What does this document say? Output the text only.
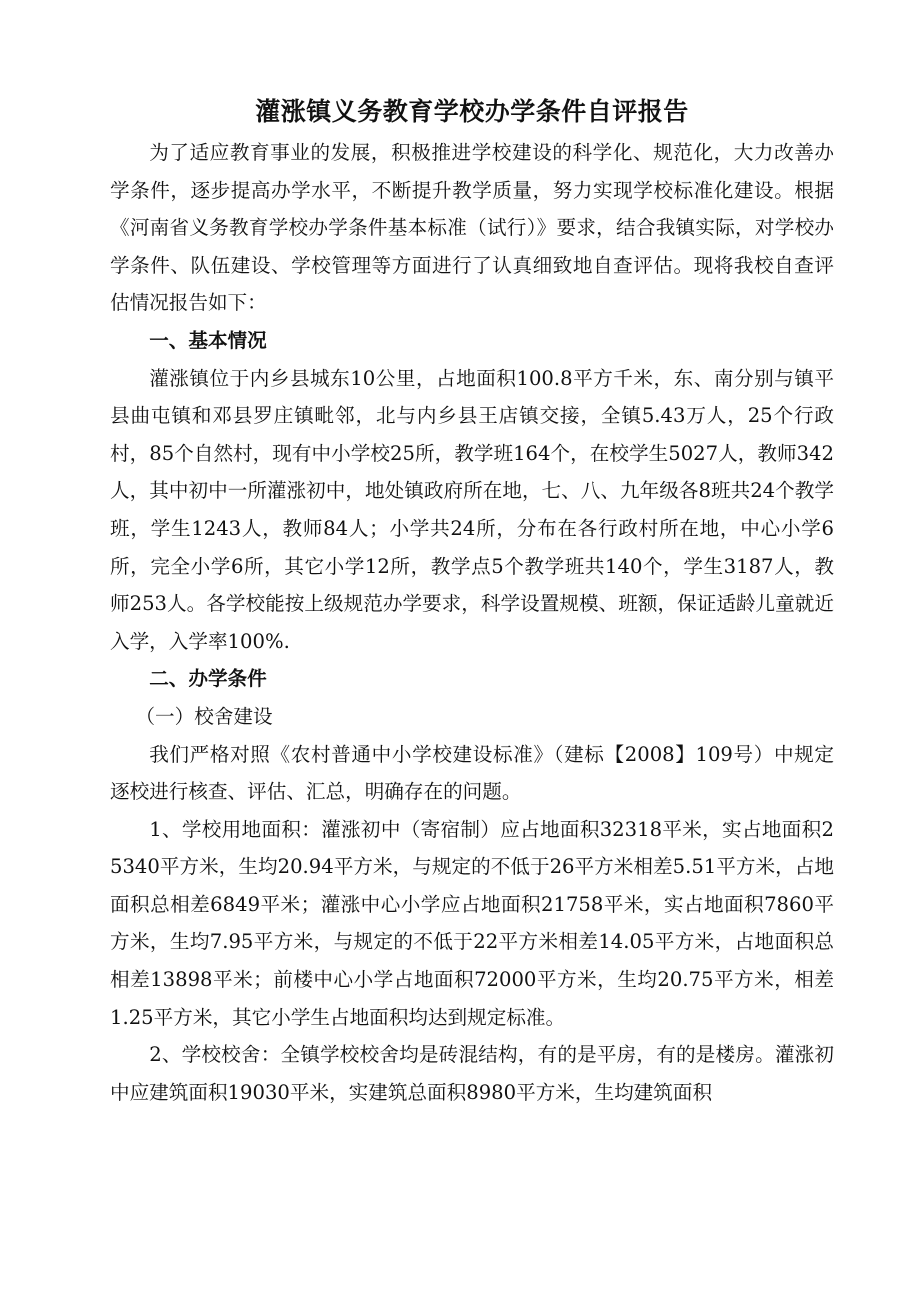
灌涨镇义务教育学校办学条件自评报告

为了适应教育事业的发展，积极推进学校建设的科学化、规范化，大力改善办学条件，逐步提高办学水平，不断提升教学质量，努力实现学校标准化建设。根据《河南省义务教育学校办学条件基本标准（试行）》要求，结合我镇实际，对学校办学条件、队伍建设、学校管理等方面进行了认真细致地自查评估。现将我校自查评估情况报告如下：

一、基本情况

灌涨镇位于内乡县城东10公里，占地面积100.8平方千米，东、南分别与镇平县曲屯镇和邓县罗庄镇毗邻，北与内乡县王店镇交接，全镇5.43万人，25个行政村，85个自然村，现有中小学校25所，教学班164个，在校学生5027人，教师342人，其中初中一所灌涨初中，地处镇政府所在地，七、八、九年级各8班共24个教学班，学生1243人，教师84人；小学共24所，分布在各行政村所在地，中心小学6所，完全小学6所，其它小学12所，教学点5个教学班共140个，学生3187人，教师253人。各学校能按上级规范办学要求，科学设置规模、班额，保证适龄儿童就近入学，入学率100%.

二、办学条件

（一）校舍建设

我们严格对照《农村普通中小学校建设标准》（建标【2008】109号）中规定逐校进行核查、评估、汇总，明确存在的问题。

1、学校用地面积：灌涨初中（寄宿制）应占地面积32318平米，实占地面积25340平方米，生均20.94平方米，与规定的不低于26平方米相差5.51平方米，占地面积总相差6849平米；灌涨中心小学应占地面积21758平米，实占地面积7860平方米，生均7.95平方米，与规定的不低于22平方米相差14.05平方米，占地面积总相差13898平米；前楼中心小学占地面积72000平方米，生均20.75平方米，相差1.25平方米，其它小学生占地面积均达到规定标准。

2、学校校舍：全镇学校校舍均是砖混结构，有的是平房，有的是楼房。灌涨初中应建筑面积19030平米，实建筑总面积8980平方米，生均建筑面积
